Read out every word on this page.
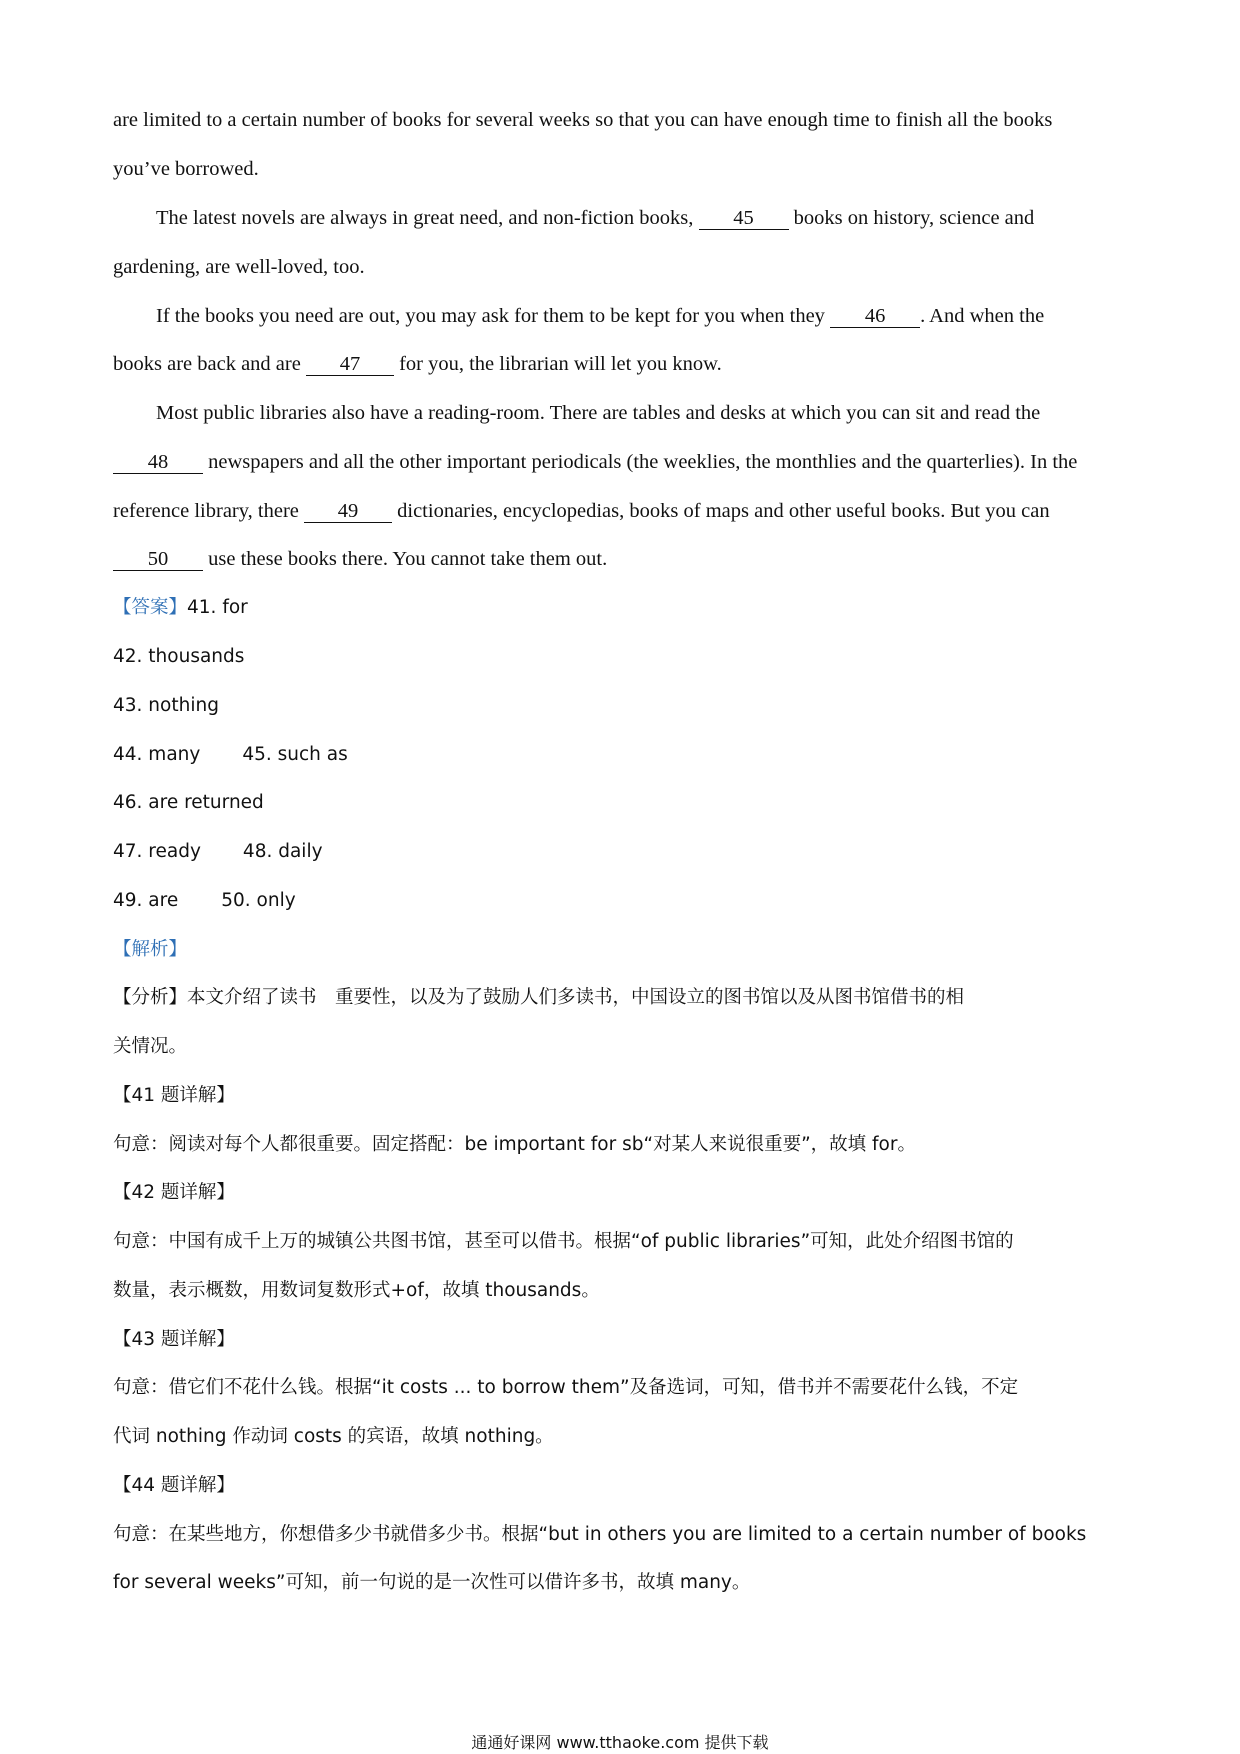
are limited to a certain number of books for several weeks so that you can have enough time to finish all the books
you’ve borrowed.
The latest novels are always in great need, and non-fiction books, 45 books on history, science and
gardening, are well-loved, too.
If the books you need are out, you may ask for them to be kept for you when they 46 . And when the
books are back and are 47 for you, the librarian will let you know.
Most public libraries also have a reading-room. There are tables and desks at which you can sit and read the
48 newspapers and all the other important periodicals (the weeklies, the monthlies and the quarterlies). In the
reference library, there 49 dictionaries, encyclopedias, books of maps and other useful books. But you can
50 use these books there. You cannot take them out.
【答案】41. for
42. thousands
43. nothing
44. many 45. such as
46. are returned
47. ready 48. daily
49. are 50. only
【解析】
【分析】本文介绍了读书　重要性，以及为了鼓励人们多读书，中国设立的图书馆以及从图书馆借书的相
关情况。
【41 题详解】
句意：阅读对每个人都很重要。固定搭配：be important for sb“对某人来说很重要”，故填 for。
【42 题详解】
句意：中国有成千上万的城镇公共图书馆，甚至可以借书。根据“of public libraries”可知，此处介绍图书馆的
数量，表示概数，用数词复数形式+of，故填 thousands。
【43 题详解】
句意：借它们不花什么钱。根据“it costs ... to borrow them”及备选词，可知，借书并不需要花什么钱，不定
代词 nothing 作动词 costs 的宾语，故填 nothing。
【44 题详解】
句意：在某些地方，你想借多少书就借多少书。根据“but in others you are limited to a certain number of books
for several weeks”可知，前一句说的是一次性可以借许多书，故填 many。
通通好课网 www.tthaoke.com 提供下载
